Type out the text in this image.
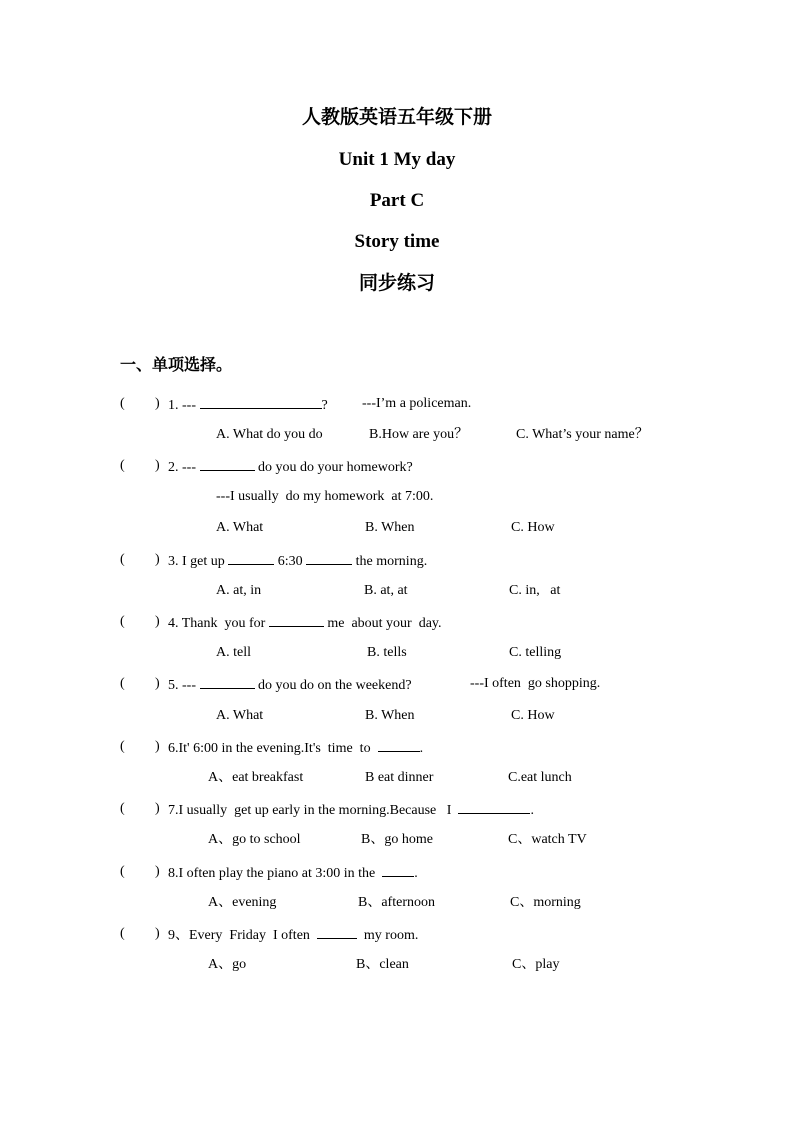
人教版英语五年级下册
Unit 1 My day
Part C
Story time
同步练习
一、单项选择。
( ) 1. ---	? ---I’m a policeman.
A. What do you do	B.How are you？	C. What’s your name？
( ) 2. ---	do you do your homework?
---I usually  do my homework  at 7:00.
A. What	B. When	C. How
( ) 3. I get up	6:30	the morning.
A. at, in	B. at, at	C. in,   at
( ) 4. Thank  you for	me  about your  day.
A. tell	B. tells	C. telling
( ) 5. ---	do you do on the weekend?	---I often  go shopping.
A. What	B. When	C. How
( ) 6.It' 6:00 in the evening.It's  time  to	.
A、eat breakfast	B eat dinner	C.eat lunch
( ) 7.I usually  get up early in the morning.Because   I	.
A、go to school	B、go home	C、watch TV
( ) 8.I often play the piano at 3:00 in the	.
A、evening	B、afternoon	C、morning
( ) 9、Every  Friday  I often	my room.
A、go	B、clean	C、play
